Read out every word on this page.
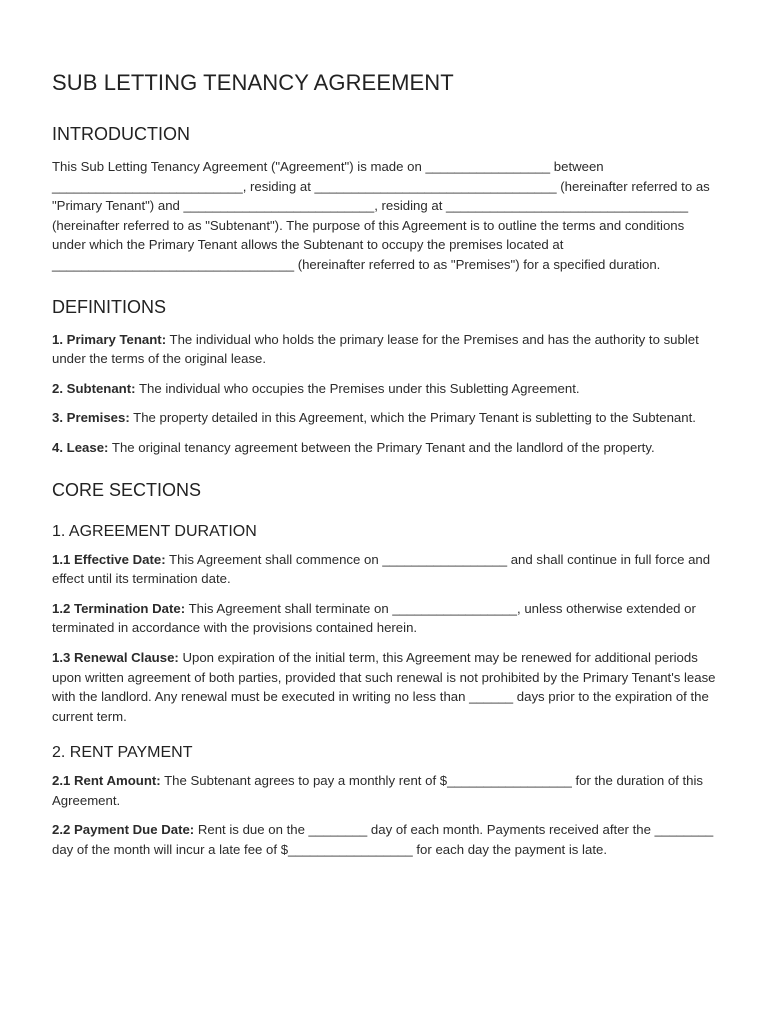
SUB LETTING TENANCY AGREEMENT
INTRODUCTION

This Sub Letting Tenancy Agreement ("Agreement") is made on _________________ between __________________________, residing at _________________________________ (hereinafter referred to as "Primary Tenant") and __________________________, residing at _________________________________ (hereinafter referred to as "Subtenant"). The purpose of this Agreement is to outline the terms and conditions under which the Primary Tenant allows the Subtenant to occupy the premises located at _________________________________ (hereinafter referred to as "Premises") for a specified duration.

DEFINITIONS

1. Primary Tenant: The individual who holds the primary lease for the Premises and has the authority to sublet under the terms of the original lease.

2. Subtenant: The individual who occupies the Premises under this Subletting Agreement.

3. Premises: The property detailed in this Agreement, which the Primary Tenant is subletting to the Subtenant.

4. Lease: The original tenancy agreement between the Primary Tenant and the landlord of the property.

CORE SECTIONS
1. AGREEMENT DURATION

1.1 Effective Date: This Agreement shall commence on _________________ and shall continue in full force and effect until its termination date.

1.2 Termination Date: This Agreement shall terminate on _________________, unless otherwise extended or terminated in accordance with the provisions contained herein.

1.3 Renewal Clause: Upon expiration of the initial term, this Agreement may be renewed for additional periods upon written agreement of both parties, provided that such renewal is not prohibited by the Primary Tenant's lease with the landlord. Any renewal must be executed in writing no less than ______ days prior to the expiration of the current term.

2. RENT PAYMENT

2.1 Rent Amount: The Subtenant agrees to pay a monthly rent of $_________________ for the duration of this Agreement.

2.2 Payment Due Date: Rent is due on the ________ day of each month. Payments received after the ________ day of the month will incur a late fee of $_________________ for each day the payment is late.
